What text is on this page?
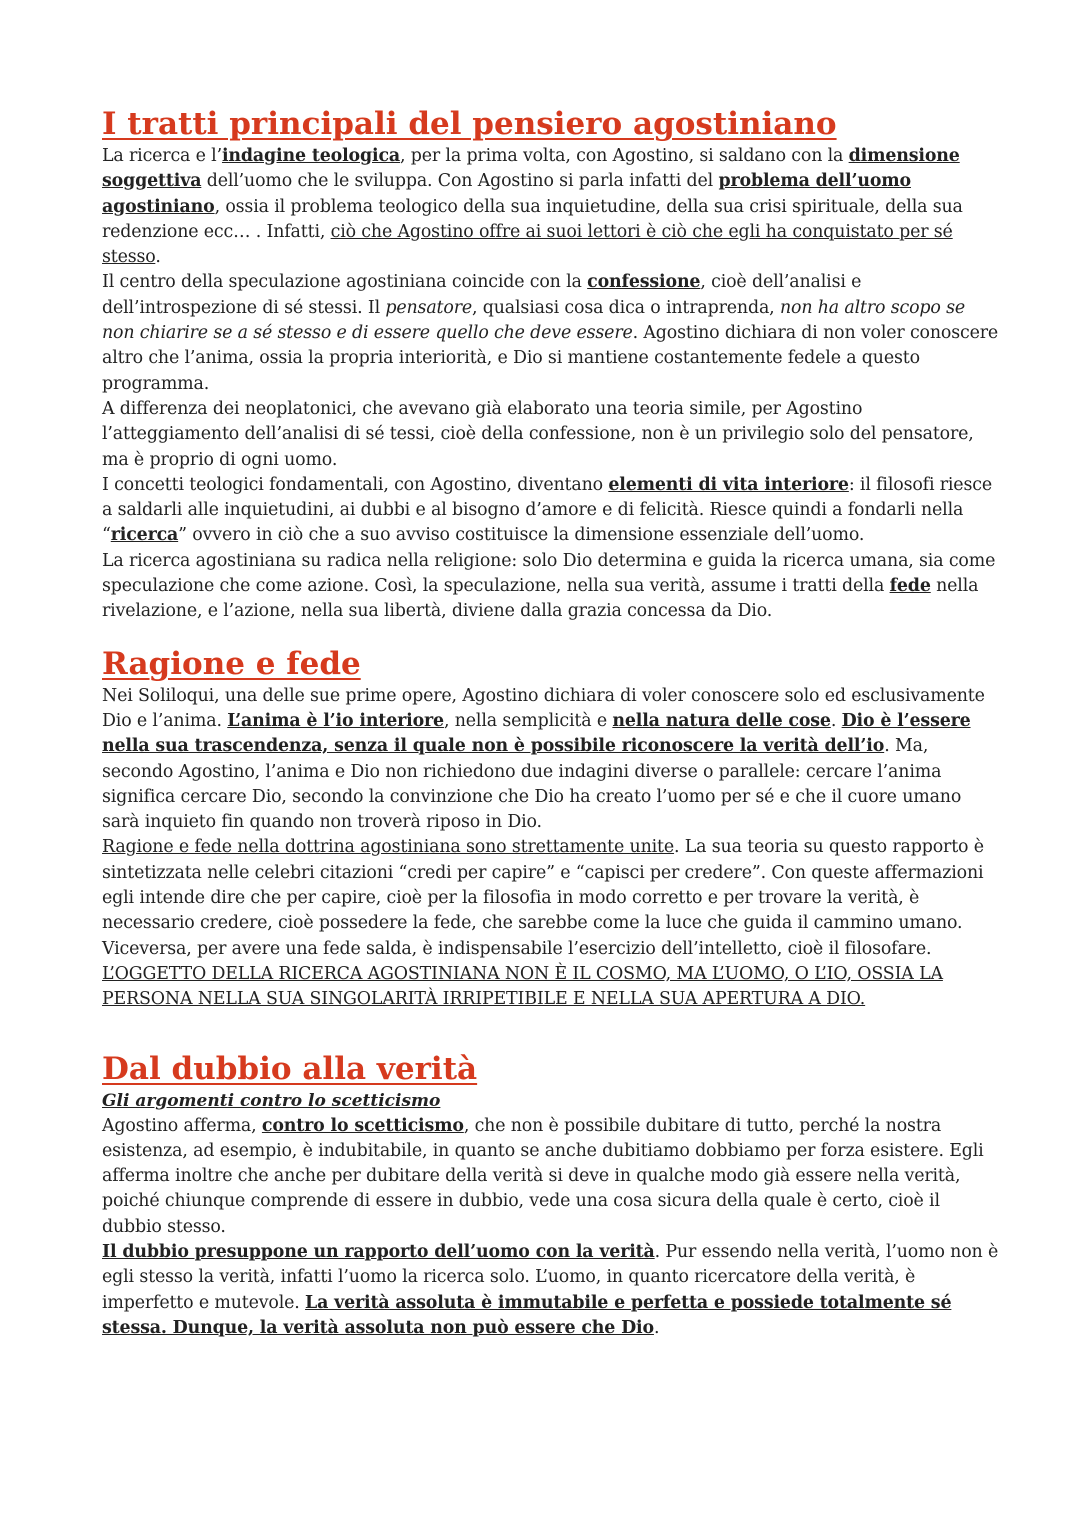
I tratti principali del pensiero agostiniano

La ricerca e l’indagine teologica, per la prima volta, con Agostino, si saldano con la dimensione soggettiva dell’uomo che le sviluppa. Con Agostino si parla infatti del problema dell’uomo agostiniano, ossia il problema teologico della sua inquietudine, della sua crisi spirituale, della sua redenzione ecc… . Infatti, ciò che Agostino offre ai suoi lettori è ciò che egli ha conquistato per sé stesso.

Il centro della speculazione agostiniana coincide con la confessione, cioè dell’analisi e dell’introspezione di sé stessi. Il pensatore, qualsiasi cosa dica o intraprenda, non ha altro scopo se non chiarire se a sé stesso e di essere quello che deve essere. Agostino dichiara di non voler conoscere altro che l’anima, ossia la propria interiorità, e Dio si mantiene costantemente fedele a questo programma.

A differenza dei neoplatonici, che avevano già elaborato una teoria simile, per Agostino l’atteggiamento dell’analisi di sé tessi, cioè della confessione, non è un privilegio solo del pensatore, ma è proprio di ogni uomo.

I concetti teologici fondamentali, con Agostino, diventano elementi di vita interiore: il filosofi riesce a saldarli alle inquietudini, ai dubbi e al bisogno d’amore e di felicità. Riesce quindi a fondarli nella “ricerca” ovvero in ciò che a suo avviso costituisce la dimensione essenziale dell’uomo.

La ricerca agostiniana su radica nella religione: solo Dio determina e guida la ricerca umana, sia come speculazione che come azione. Così, la speculazione, nella sua verità, assume i tratti della fede nella rivelazione, e l’azione, nella sua libertà, diviene dalla grazia concessa da Dio.

Ragione e fede

Nei Soliloqui, una delle sue prime opere, Agostino dichiara di voler conoscere solo ed esclusivamente Dio e l’anima. L’anima è l’io interiore, nella semplicità e nella natura delle cose. Dio è l’essere nella sua trascendenza, senza il quale non è possibile riconoscere la verità dell’io. Ma, secondo Agostino, l’anima e Dio non richiedono due indagini diverse o parallele: cercare l’anima significa cercare Dio, secondo la convinzione che Dio ha creato l’uomo per sé e che il cuore umano sarà inquieto fin quando non troverà riposo in Dio.

Ragione e fede nella dottrina agostiniana sono strettamente unite. La sua teoria su questo rapporto è sintetizzata nelle celebri citazioni “credi per capire” e “capisci per credere”. Con queste affermazioni egli intende dire che per capire, cioè per la filosofia in modo corretto e per trovare la verità, è necessario credere, cioè possedere la fede, che sarebbe come la luce che guida il cammino umano. Viceversa, per avere una fede salda, è indispensabile l’esercizio dell’intelletto, cioè il filosofare.

L’OGGETTO DELLA RICERCA AGOSTINIANA NON È IL COSMO, MA L’UOMO, O L’IO, OSSIA LA PERSONA NELLA SUA SINGOLARITÀ IRRIPETIBILE E NELLA SUA APERTURA A DIO.

Dal dubbio alla verità

Gli argomenti contro lo scetticismo

Agostino afferma, contro lo scetticismo, che non è possibile dubitare di tutto, perché la nostra esistenza, ad esempio, è indubitabile, in quanto se anche dubitiamo dobbiamo per forza esistere. Egli afferma inoltre che anche per dubitare della verità si deve in qualche modo già essere nella verità, poiché chiunque comprende di essere in dubbio, vede una cosa sicura della quale è certo, cioè il dubbio stesso.

Il dubbio presuppone un rapporto dell’uomo con la verità. Pur essendo nella verità, l’uomo non è egli stesso la verità, infatti l’uomo la ricerca solo. L’uomo, in quanto ricercatore della verità, è imperfetto e mutevole. La verità assoluta è immutabile e perfetta e possiede totalmente sé stessa. Dunque, la verità assoluta non può essere che Dio.
